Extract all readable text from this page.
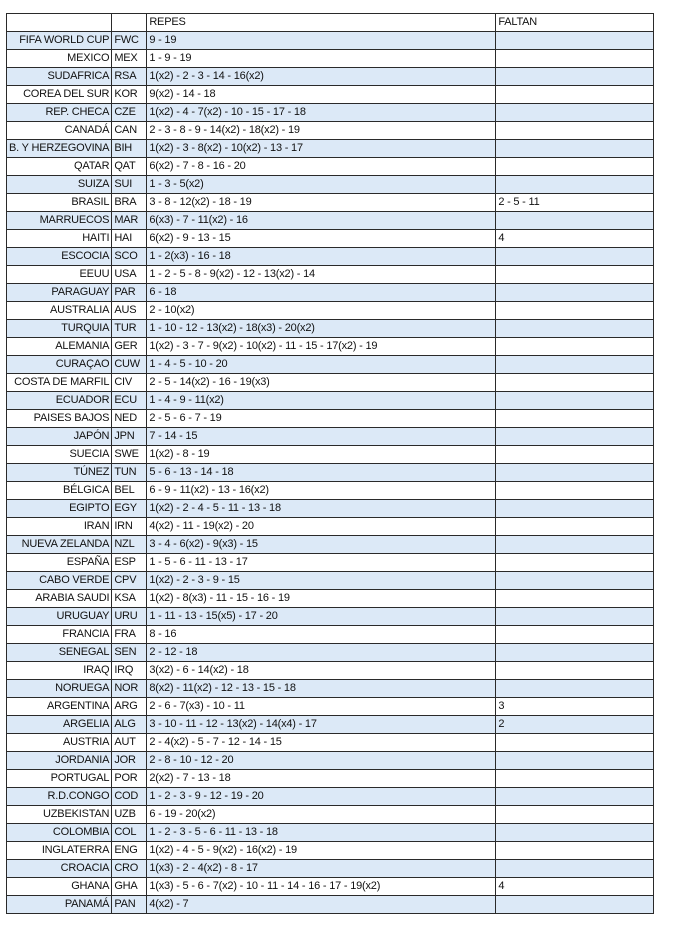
		REPES	FALTAN
FIFA WORLD CUP	FWC	9 - 19	
MEXICO	MEX	1 - 9 - 19	
SUDAFRICA	RSA	1(x2) - 2 - 3 - 14 - 16(x2)	
COREA DEL SUR	KOR	9(x2) - 14 - 18	
REP. CHECA	CZE	1(x2) - 4 - 7(x2) - 10 - 15 - 17 - 18	
CANADÁ	CAN	2 - 3 - 8 - 9 - 14(x2) - 18(x2) - 19	
B. Y HERZEGOVINA	BIH	1(x2) - 3 - 8(x2) - 10(x2) - 13 - 17	
QATAR	QAT	6(x2) - 7 - 8 - 16 - 20	
SUIZA	SUI	1 - 3 - 5(x2)	
BRASIL	BRA	3 - 8 - 12(x2) - 18 - 19	2 - 5 - 11
MARRUECOS	MAR	6(x3) - 7 - 11(x2) - 16	
HAITI	HAI	6(x2) - 9 - 13 - 15	4
ESCOCIA	SCO	1 - 2(x3) - 16 - 18	
EEUU	USA	1 - 2 - 5 - 8 - 9(x2) - 12 - 13(x2) - 14	
PARAGUAY	PAR	6 - 18	
AUSTRALIA	AUS	2 - 10(x2)	
TURQUIA	TUR	1 - 10 - 12 - 13(x2) - 18(x3) - 20(x2)	
ALEMANIA	GER	1(x2) - 3 - 7 - 9(x2) - 10(x2) - 11 - 15 - 17(x2) - 19	
CURAÇAO	CUW	1 - 4 - 5 - 10 - 20	
COSTA DE MARFIL	CIV	2 - 5 - 14(x2) - 16 - 19(x3)	
ECUADOR	ECU	1 - 4 - 9 - 11(x2)	
PAISES BAJOS	NED	2 - 5 - 6 - 7 - 19	
JAPÓN	JPN	7 - 14 - 15	
SUECIA	SWE	1(x2) - 8 - 19	
TÚNEZ	TUN	5 - 6 - 13 - 14 - 18	
BÉLGICA	BEL	6 - 9 - 11(x2) - 13 - 16(x2)	
EGIPTO	EGY	1(x2) - 2 - 4 - 5 - 11 - 13 - 18	
IRAN	IRN	4(x2) - 11 - 19(x2) - 20	
NUEVA ZELANDA	NZL	3 - 4 - 6(x2) - 9(x3) - 15	
ESPAÑA	ESP	1 - 5 - 6 - 11 - 13 - 17	
CABO VERDE	CPV	1(x2) - 2 - 3 - 9 - 15	
ARABIA SAUDI	KSA	1(x2) - 8(x3) - 11 - 15 - 16 - 19	
URUGUAY	URU	1 - 11 - 13 - 15(x5) - 17 - 20	
FRANCIA	FRA	8 - 16	
SENEGAL	SEN	2 - 12 - 18	
IRAQ	IRQ	3(x2) - 6 - 14(x2) - 18	
NORUEGA	NOR	8(x2) - 11(x2) - 12 - 13 - 15 - 18	
ARGENTINA	ARG	2 - 6 - 7(x3) - 10 - 11	3
ARGELIA	ALG	3 - 10 - 11 - 12 - 13(x2) - 14(x4) - 17	2
AUSTRIA	AUT	2 - 4(x2) - 5 - 7 - 12 - 14 - 15	
JORDANIA	JOR	2 - 8 - 10 - 12 - 20	
PORTUGAL	POR	2(x2) - 7 - 13 - 18	
R.D.CONGO	COD	1 - 2 - 3 - 9 - 12 - 19 - 20	
UZBEKISTAN	UZB	6 - 19 - 20(x2)	
COLOMBIA	COL	1 - 2 - 3 - 5 - 6 - 11 - 13 - 18	
INGLATERRA	ENG	1(x2) - 4 - 5 - 9(x2) - 16(x2) - 19	
CROACIA	CRO	1(x3) - 2 - 4(x2) - 8 - 17	
GHANA	GHA	1(x3) - 5 - 6 - 7(x2) - 10 - 11 - 14 - 16 - 17 - 19(x2)	4
PANAMÁ	PAN	4(x2) - 7	
